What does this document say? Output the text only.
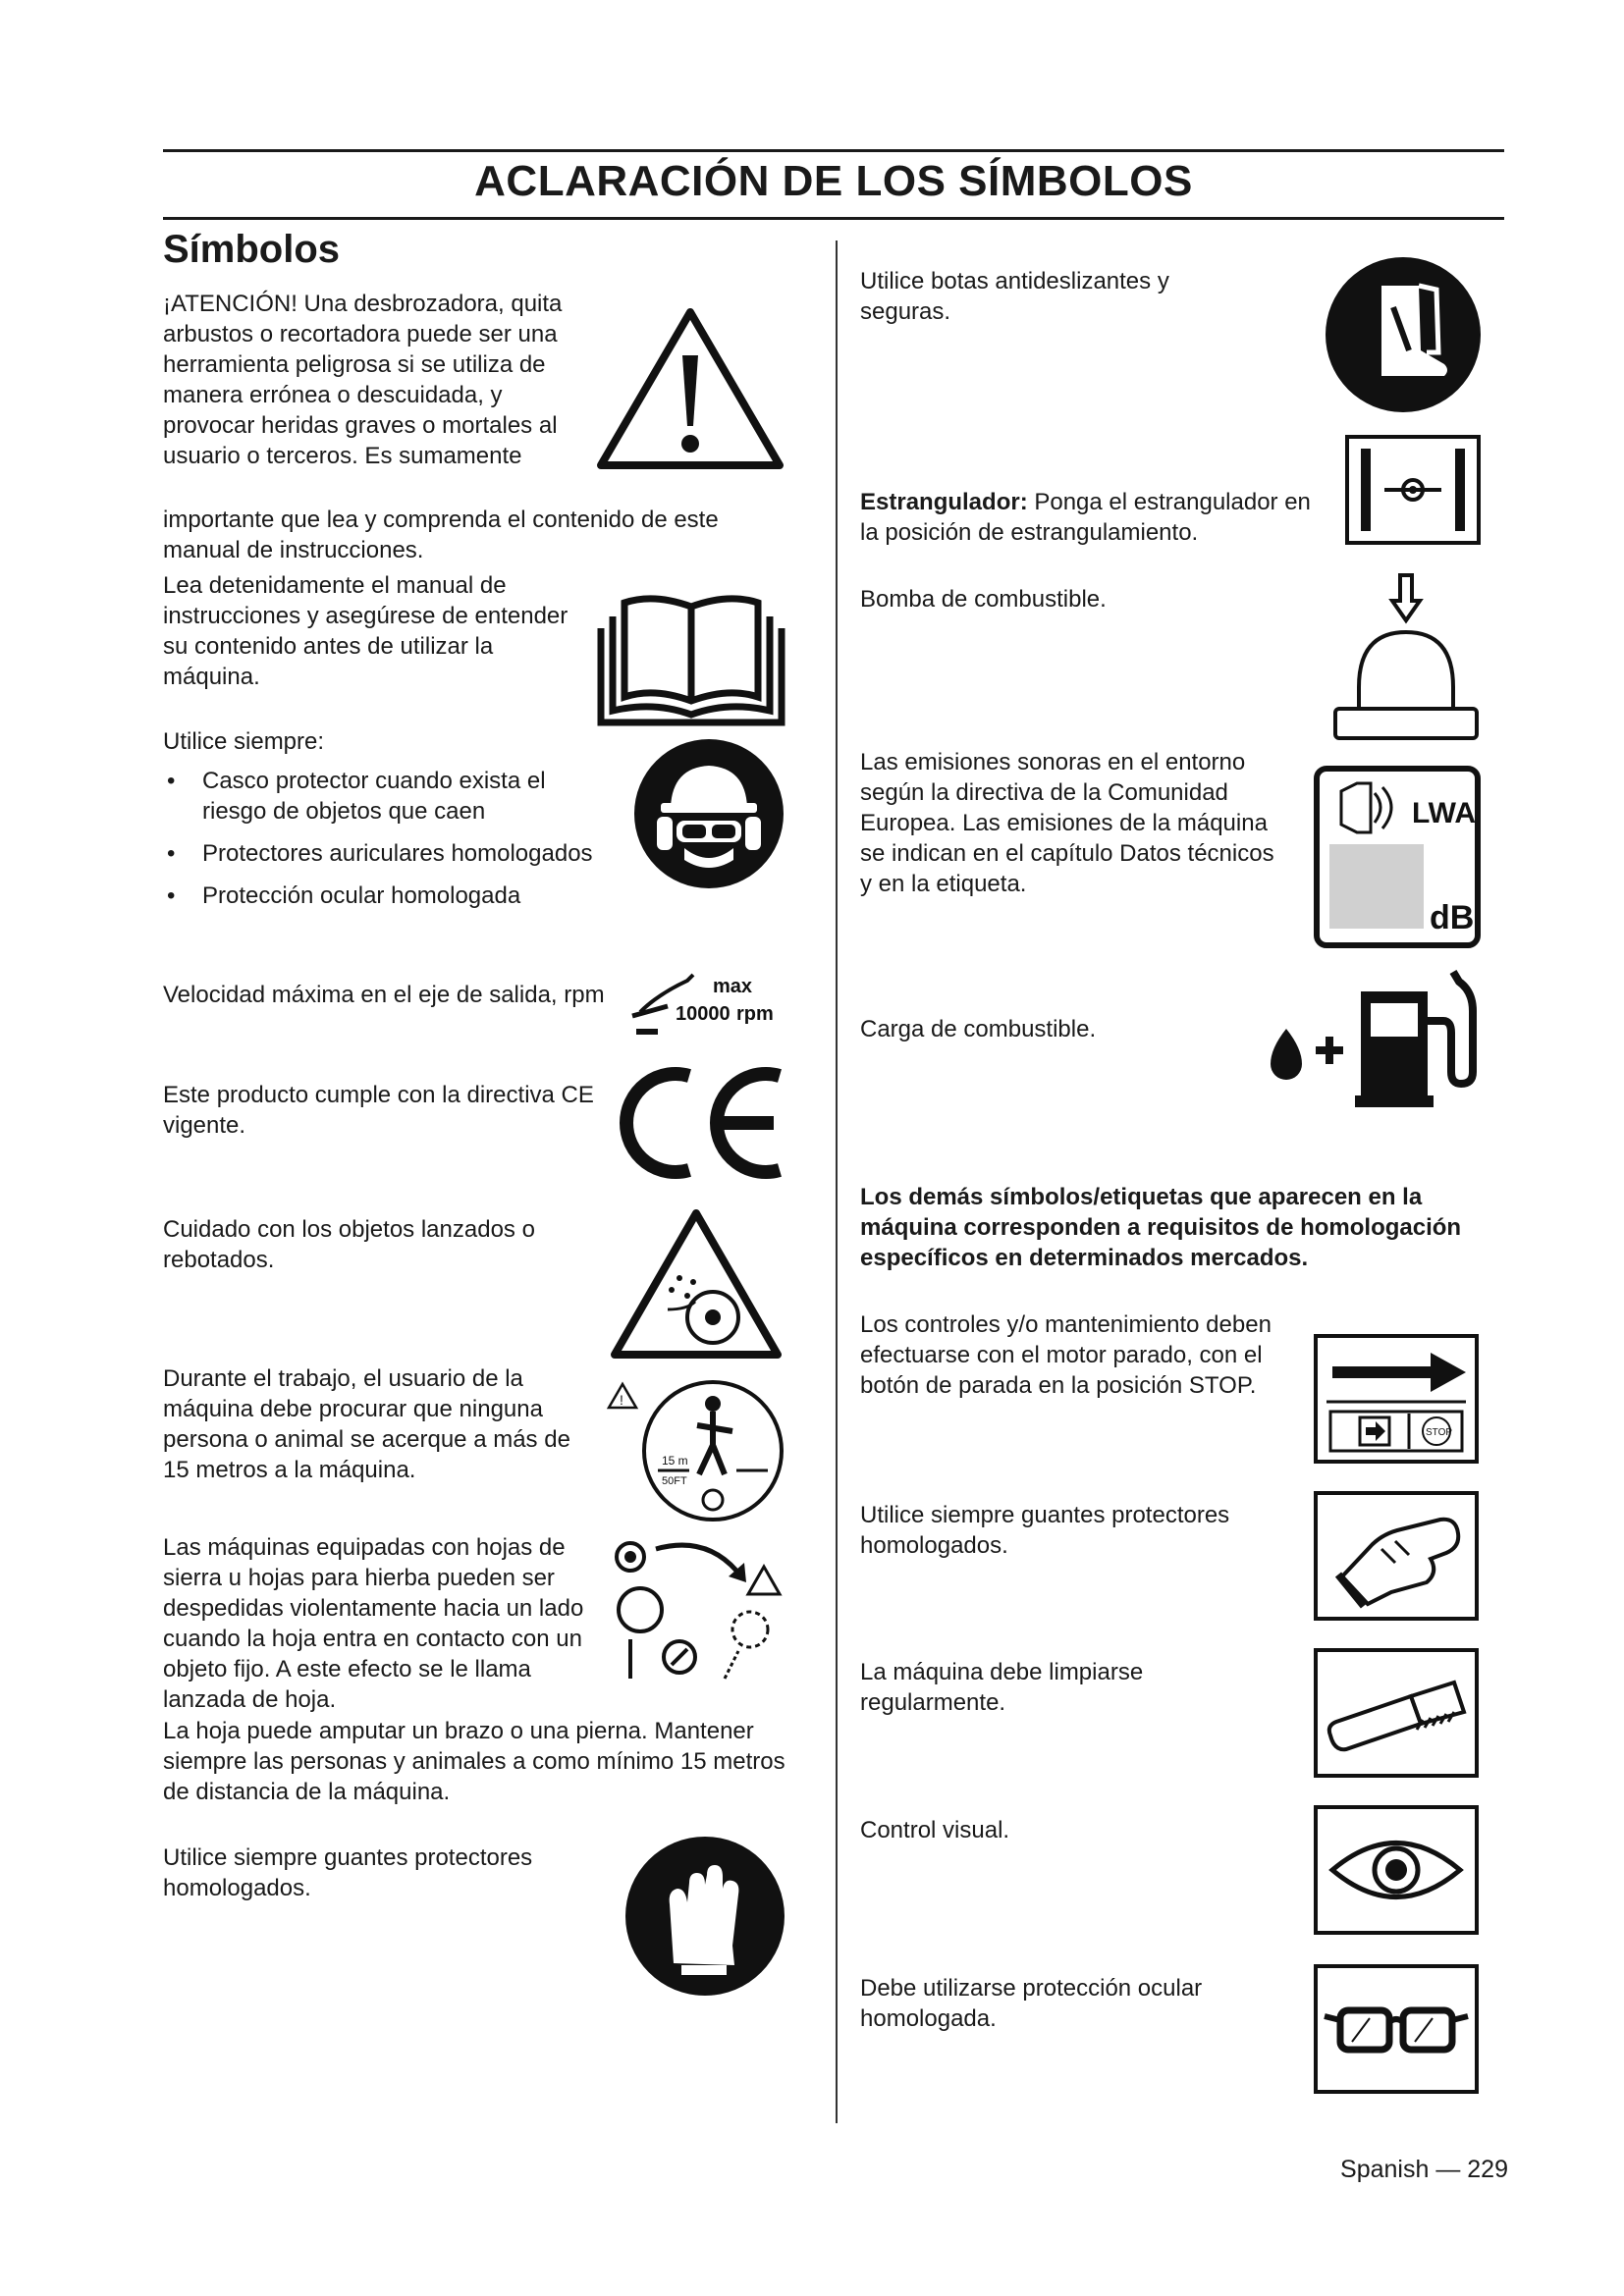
ACLARACIÓN DE LOS SÍMBOLOS
Símbolos
¡ATENCIÓN! Una desbrozadora, quita arbustos o recortadora puede ser una herramienta peligrosa si se utiliza de manera errónea o descuidada, y provocar heridas graves o mortales al usuario o terceros. Es sumamente
importante que lea y comprenda el contenido de este manual de instrucciones.
Lea detenidamente el manual de instrucciones y asegúrese de entender su contenido antes de utilizar la máquina.
Utilice siempre:
• Casco protector cuando exista el riesgo de objetos que caen
• Protectores auriculares homologados
• Protección ocular homologada
Velocidad máxima en el eje de salida, rpm	max
10000 rpm
Este producto cumple con la directiva CE vigente.
Cuidado con los objetos lanzados o rebotados.
Durante el trabajo, el usuario de la máquina debe procurar que ninguna persona o animal se acerque a más de 15 metros a la máquina.
!
15 m
50FT
Las máquinas equipadas con hojas de sierra u hojas para hierba pueden ser despedidas violentamente hacia un lado cuando la hoja entra en contacto con un objeto fijo. A este efecto se le llama lanzada de hoja.
La hoja puede amputar un brazo o una pierna. Mantener siempre las personas y animales a como mínimo 15 metros de distancia de la máquina.
Utilice siempre guantes protectores homologados.
Utilice botas antideslizantes y seguras.
Estrangulador: Ponga el estrangulador en la posición de estrangulamiento.
Bomba de combustible.
Las emisiones sonoras en el entorno según la directiva de la Comunidad Europea. Las emisiones de la máquina se indican en el capítulo Datos técnicos y en la etiqueta.
LWA
dB
Carga de combustible.
Los demás símbolos/etiquetas que aparecen en la máquina corresponden a requisitos de homologación específicos en determinados mercados.
Los controles y/o mantenimiento deben efectuarse con el motor parado, con el botón de parada en la posición STOP.
STOP
Utilice siempre guantes protectores homologados.
La máquina debe limpiarse regularmente.
Control visual.
Debe utilizarse protección ocular homologada.
Spanish — 229
